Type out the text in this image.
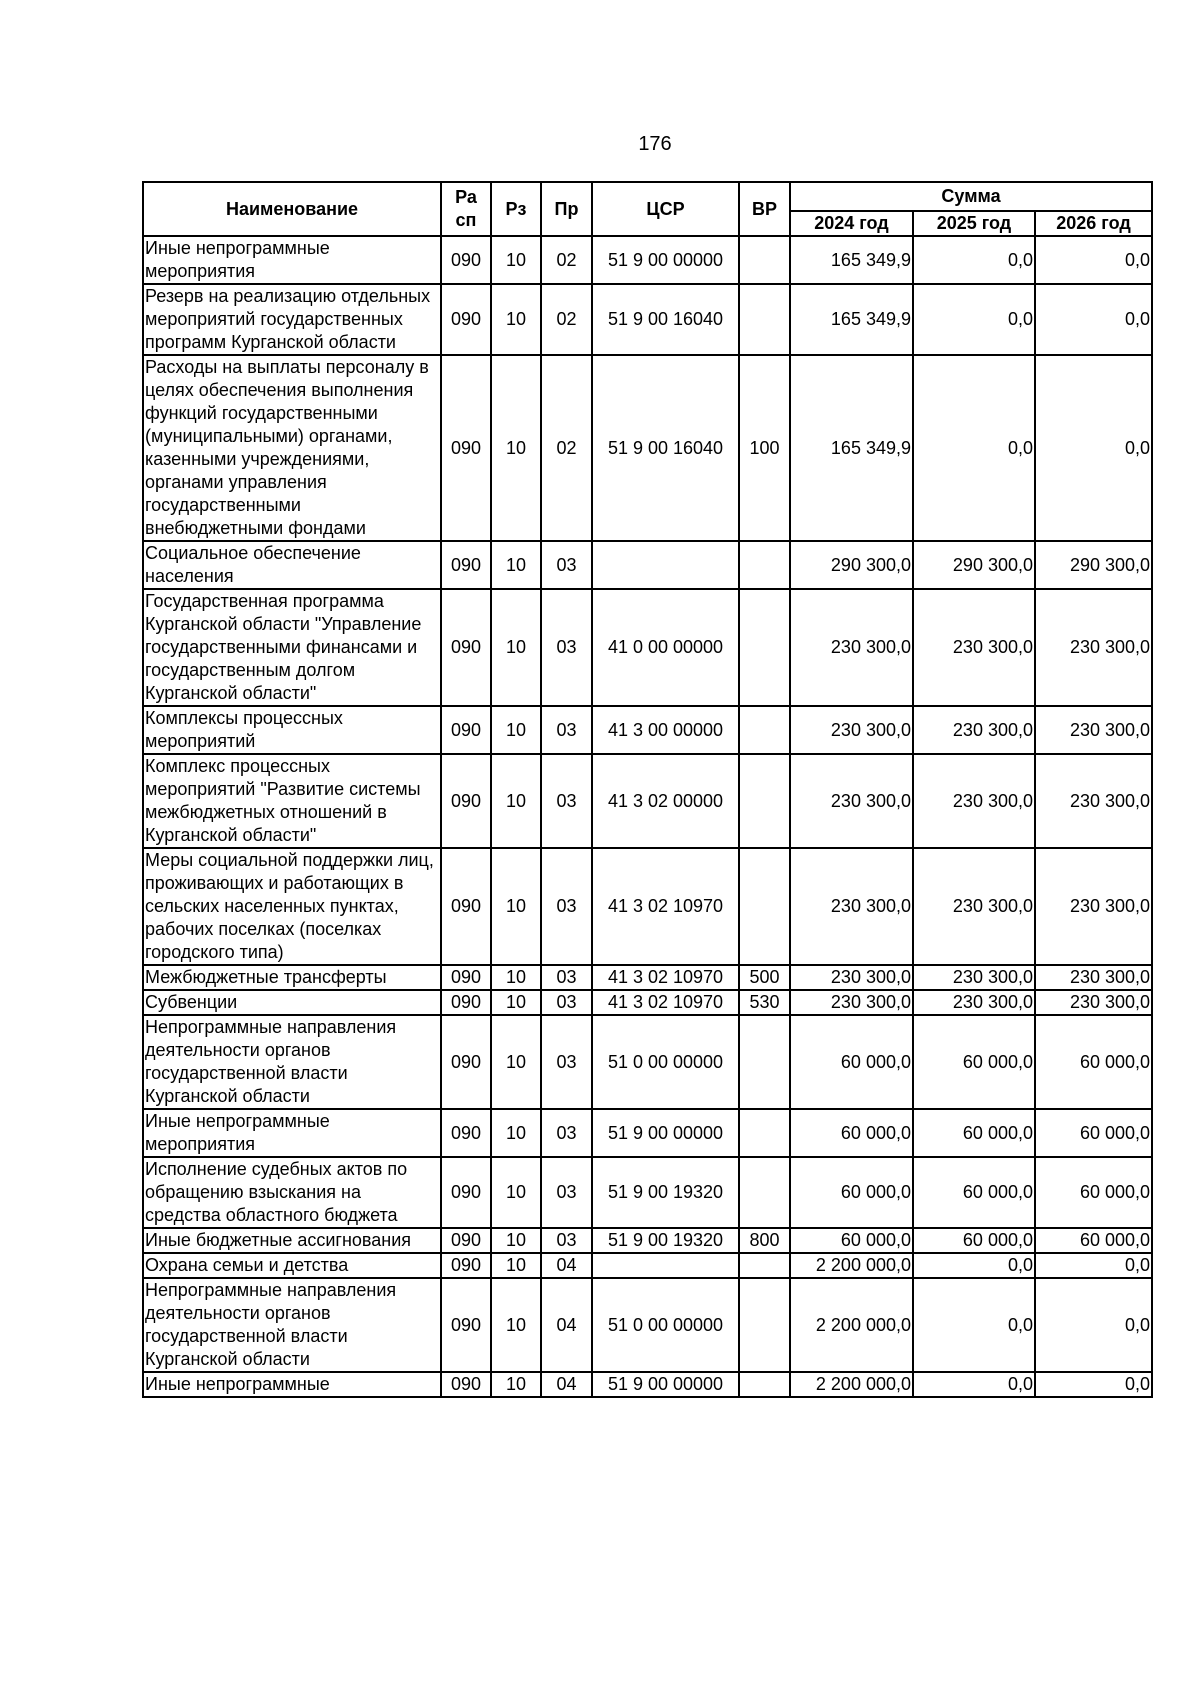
176
Наименование	Ра сп	Рз	Пр	ЦСР	ВР	Сумма		
						2024 год	2025 год	2026 год
Иные непрограммные мероприятия	090	10	02	51 9 00 00000		165 349,9	0,0	0,0
Резерв на реализацию отдельных мероприятий государственных программ Курганской области	090	10	02	51 9 00 16040		165 349,9	0,0	0,0
Расходы на выплаты персоналу в целях обеспечения выполнения функций государственными (муниципальными) органами, казенными учреждениями, органами управления государственными внебюджетными фондами	090	10	02	51 9 00 16040	100	165 349,9	0,0	0,0
Социальное обеспечение населения	090	10	03			290 300,0	290 300,0	290 300,0
Государственная программа Курганской области "Управление государственными финансами и государственным долгом Курганской области"	090	10	03	41 0 00 00000		230 300,0	230 300,0	230 300,0
Комплексы процессных мероприятий	090	10	03	41 3 00 00000		230 300,0	230 300,0	230 300,0
Комплекс процессных мероприятий "Развитие системы межбюджетных отношений в Курганской области"	090	10	03	41 3 02 00000		230 300,0	230 300,0	230 300,0
Меры социальной поддержки лиц, проживающих и работающих в сельских населенных пунктах, рабочих поселках (поселках городского типа)	090	10	03	41 3 02 10970		230 300,0	230 300,0	230 300,0
Межбюджетные трансферты	090	10	03	41 3 02 10970	500	230 300,0	230 300,0	230 300,0
Субвенции	090	10	03	41 3 02 10970	530	230 300,0	230 300,0	230 300,0
Непрограммные направления деятельности органов государственной власти Курганской области	090	10	03	51 0 00 00000		60 000,0	60 000,0	60 000,0
Иные непрограммные мероприятия	090	10	03	51 9 00 00000		60 000,0	60 000,0	60 000,0
Исполнение судебных актов по обращению взыскания на средства областного бюджета	090	10	03	51 9 00 19320		60 000,0	60 000,0	60 000,0
Иные бюджетные ассигнования	090	10	03	51 9 00 19320	800	60 000,0	60 000,0	60 000,0
Охрана семьи и детства	090	10	04			2 200 000,0	0,0	0,0
Непрограммные направления деятельности органов государственной власти Курганской области	090	10	04	51 0 00 00000		2 200 000,0	0,0	0,0
Иные непрограммные	090	10	04	51 9 00 00000		2 200 000,0	0,0	0,0
